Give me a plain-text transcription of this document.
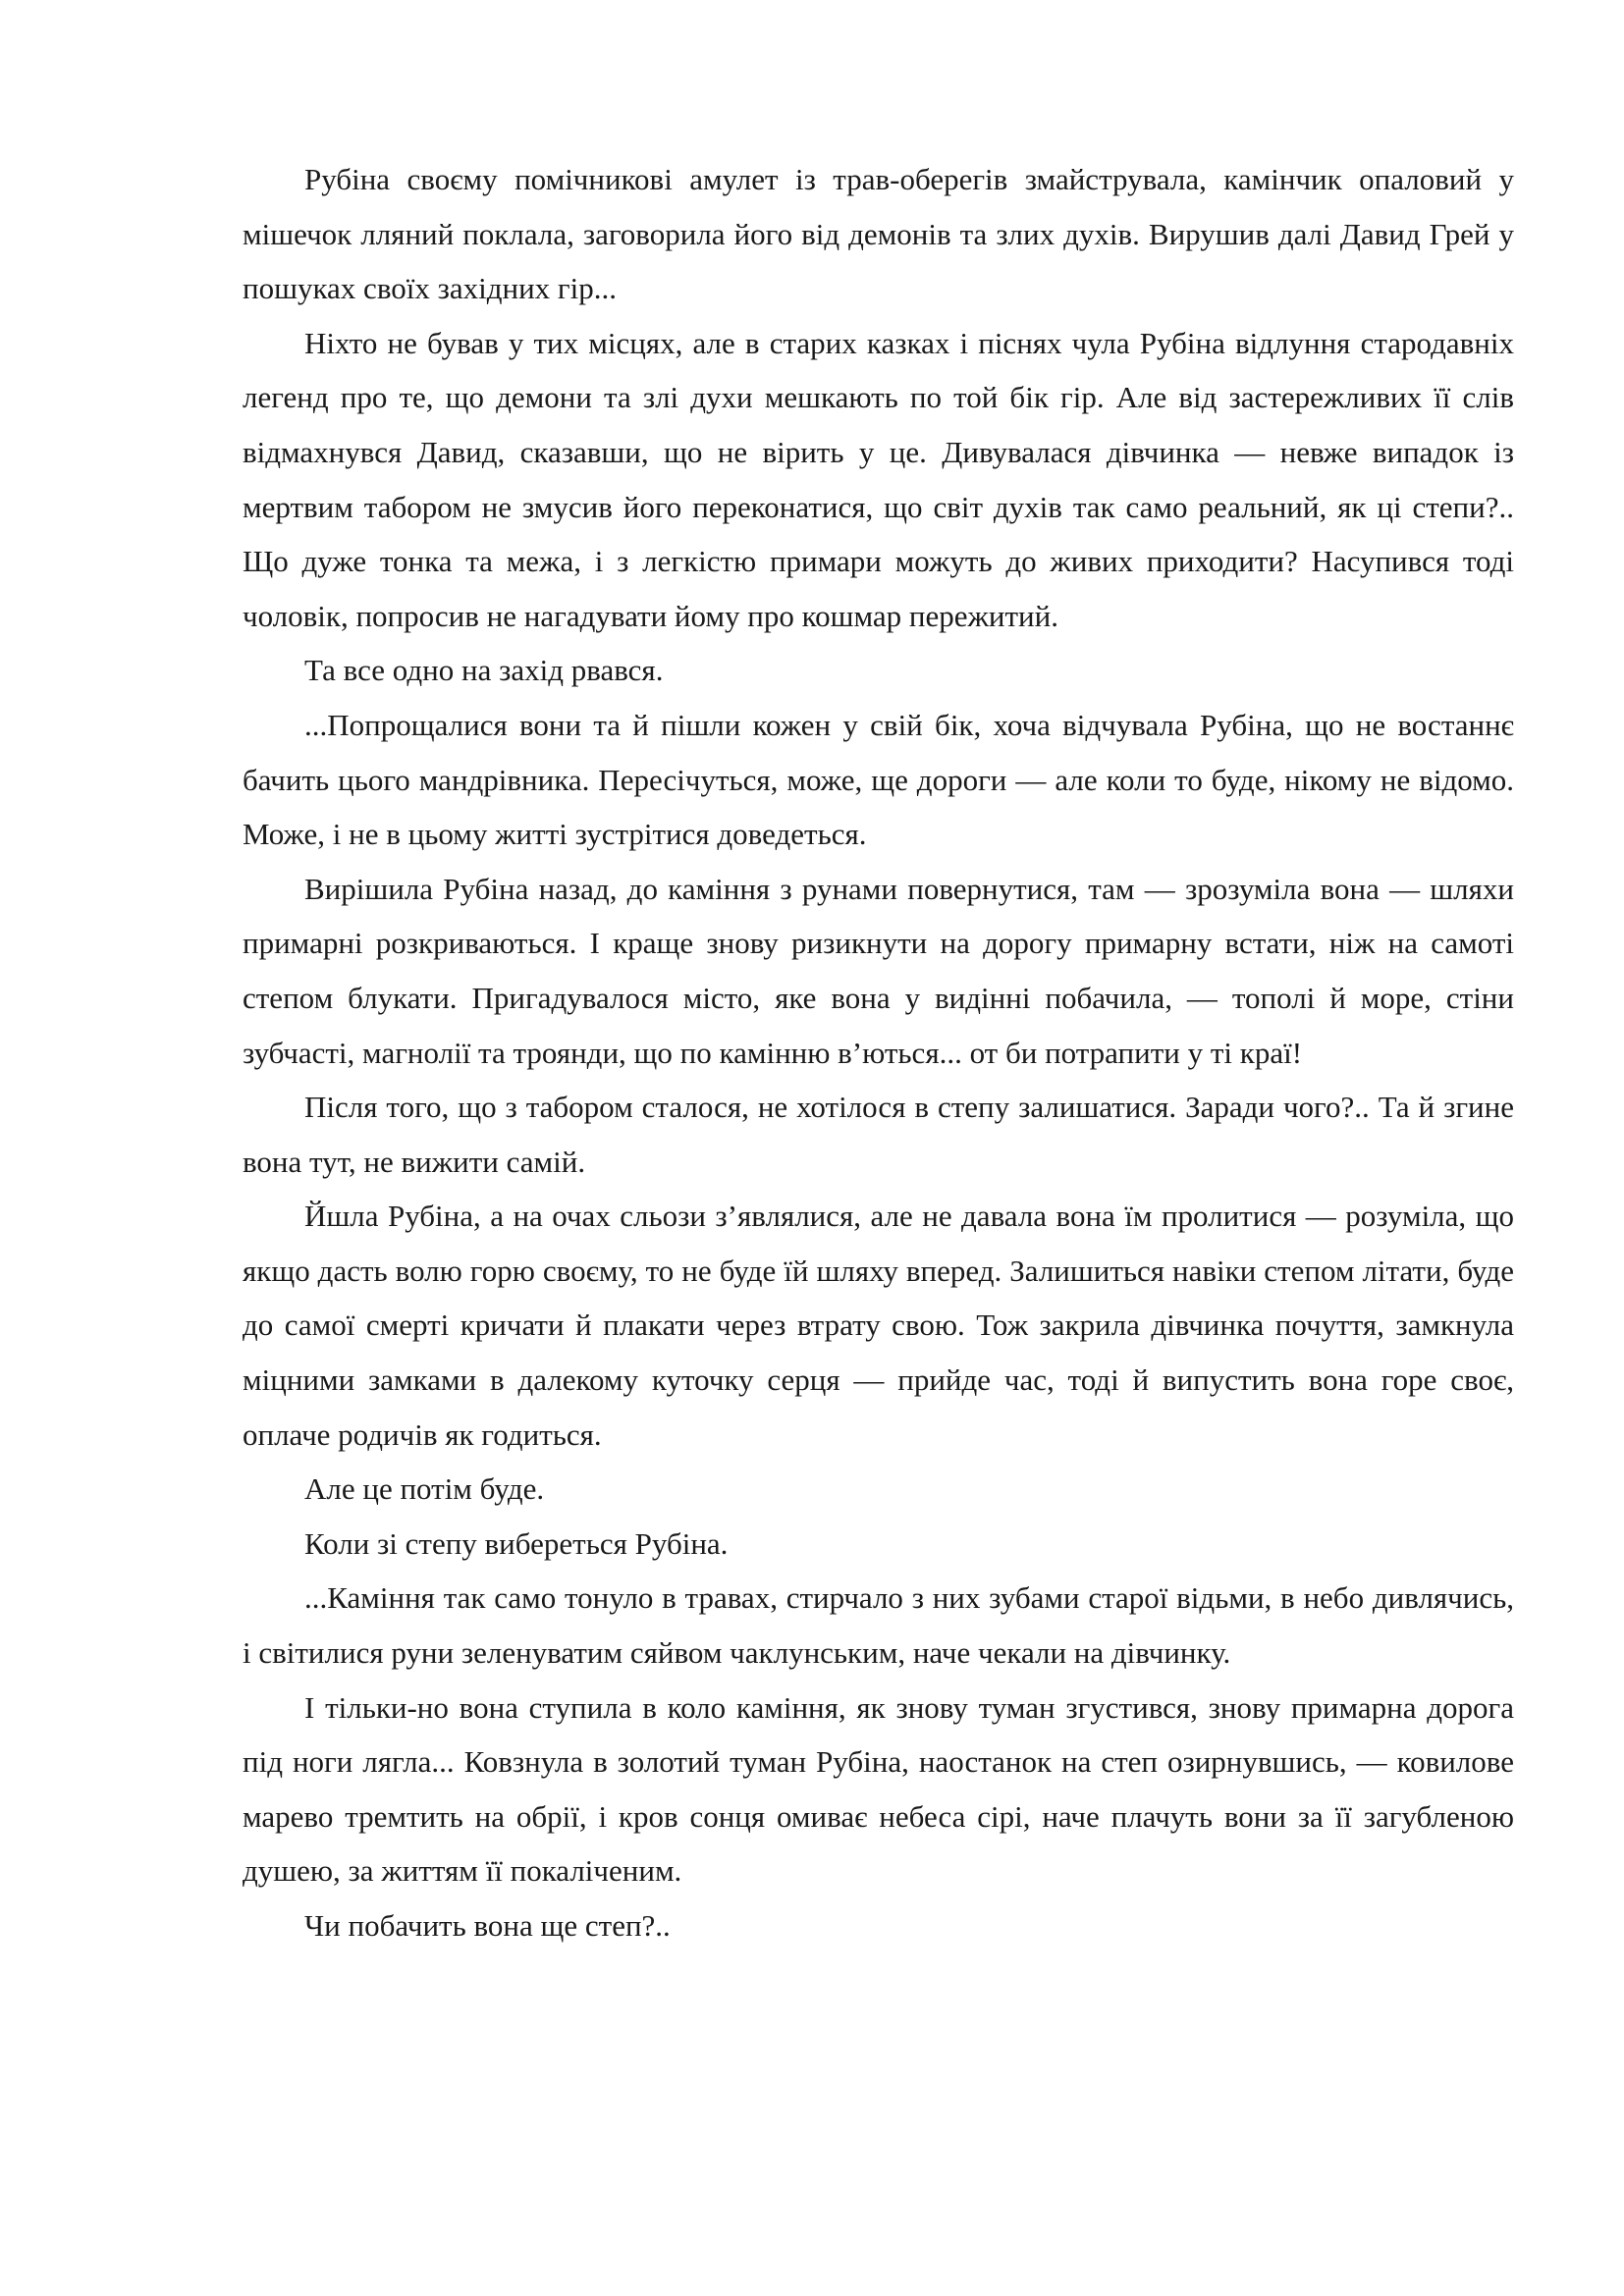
Рубіна своєму помічникові амулет із трав-оберегів змайструвала, камінчик опаловий у мішечок лляний поклала, заговорила його від демонів та злих духів. Вирушив далі Давид Грей у пошуках своїх західних гір...

Ніхто не бував у тих місцях, але в старих казках і піснях чула Рубіна відлуння стародавніх легенд про те, що демони та злі духи мешкають по той бік гір. Але від застережливих її слів відмахнувся Давид, сказавши, що не вірить у це. Дивувалася дівчинка — невже випадок із мертвим табором не змусив його переконатися, що світ духів так само реальний, як ці степи?.. Що дуже тонка та межа, і з легкістю примари можуть до живих приходити? Насупився тоді чоловік, попросив не нагадувати йому про кошмар пережитий.

Та все одно на захід рвався.

...Попрощалися вони та й пішли кожен у свій бік, хоча відчувала Рубіна, що не востаннє бачить цього мандрівника. Пересічуться, може, ще дороги — але коли то буде, нікому не відомо. Може, і не в цьому житті зустрітися доведеться.

Вирішила Рубіна назад, до каміння з рунами повернутися, там — зрозуміла вона — шляхи примарні розкриваються. І краще знову ризикнути на дорогу примарну встати, ніж на самоті степом блукати. Пригадувалося місто, яке вона у видінні побачила, — тополі й море, стіни зубчасті, магнолії та троянди, що по камінню в’ються... от би потрапити у ті краї!

Після того, що з табором сталося, не хотілося в степу залишатися. Заради чого?.. Та й згине вона тут, не вижити самій.

Йшла Рубіна, а на очах сльози з’являлися, але не давала вона їм пролитися — розуміла, що якщо дасть волю горю своєму, то не буде їй шляху вперед. Залишиться навіки степом літати, буде до самої смерті кричати й плакати через втрату свою. Тож закрила дівчинка почуття, замкнула міцними замками в далекому куточку серця — прийде час, тоді й випустить вона горе своє, оплаче родичів як годиться.

Але це потім буде.

Коли зі степу вибереться Рубіна.

...Каміння так само тонуло в травах, стирчало з них зубами старої відьми, в небо дивлячись, і світилися руни зеленуватим сяйвом чаклунським, наче чекали на дівчинку.

І тільки-но вона ступила в коло каміння, як знову туман згустився, знову примарна дорога під ноги лягла... Ковзнула в золотий туман Рубіна, наостанок на степ озирнувшись, — ковилове марево тремтить на обрії, і кров сонця омиває небеса сірі, наче плачуть вони за її загубленою душею, за життям її покаліченим.

Чи побачить вона ще степ?..
